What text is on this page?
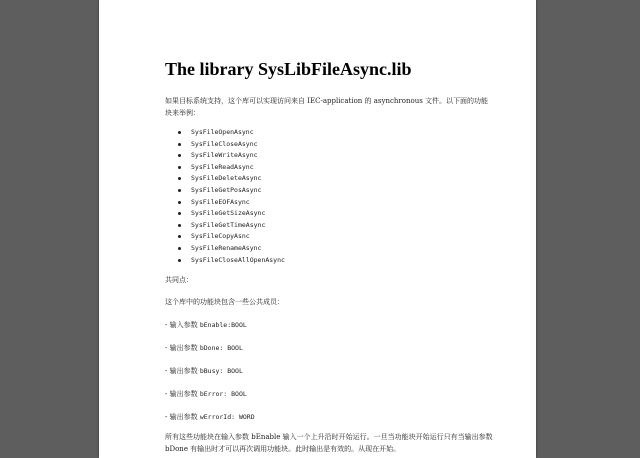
The library SysLibFileAsync.lib

如果目标系统支持，这个库可以实现访问来自 IEC-application 的 asynchronous 文件。以下面的功能块来举例：

SysFileOpenAsync
SysFileCloseAsync
SysFileWriteAsync
SysFileReadAsync
SysFileDeleteAsync
SysFileGetPosAsync
SysFileEOFAsync
SysFileGetSizeAsync
SysFileGetTimeAsync
SysFileCopyAsnc
SysFileRenameAsync
SysFileCloseAllOpenAsync

共同点：

这个库中的功能块包含一些公共成员：

- 输入参数 bEnable:BOOL

- 输出参数 bDone: BOOL

- 输出参数 bBusy: BOOL

- 输出参数 bError: BOOL

- 输出参数 wErrorId: WORD

所有这些功能块在输入参数 bEnable 输入一个上升沿时开始运行。一旦当功能块开始运行只有当输出参数 bDone 有输出时才可以再次调用功能块。此时输出是有效的。从现在开始。
